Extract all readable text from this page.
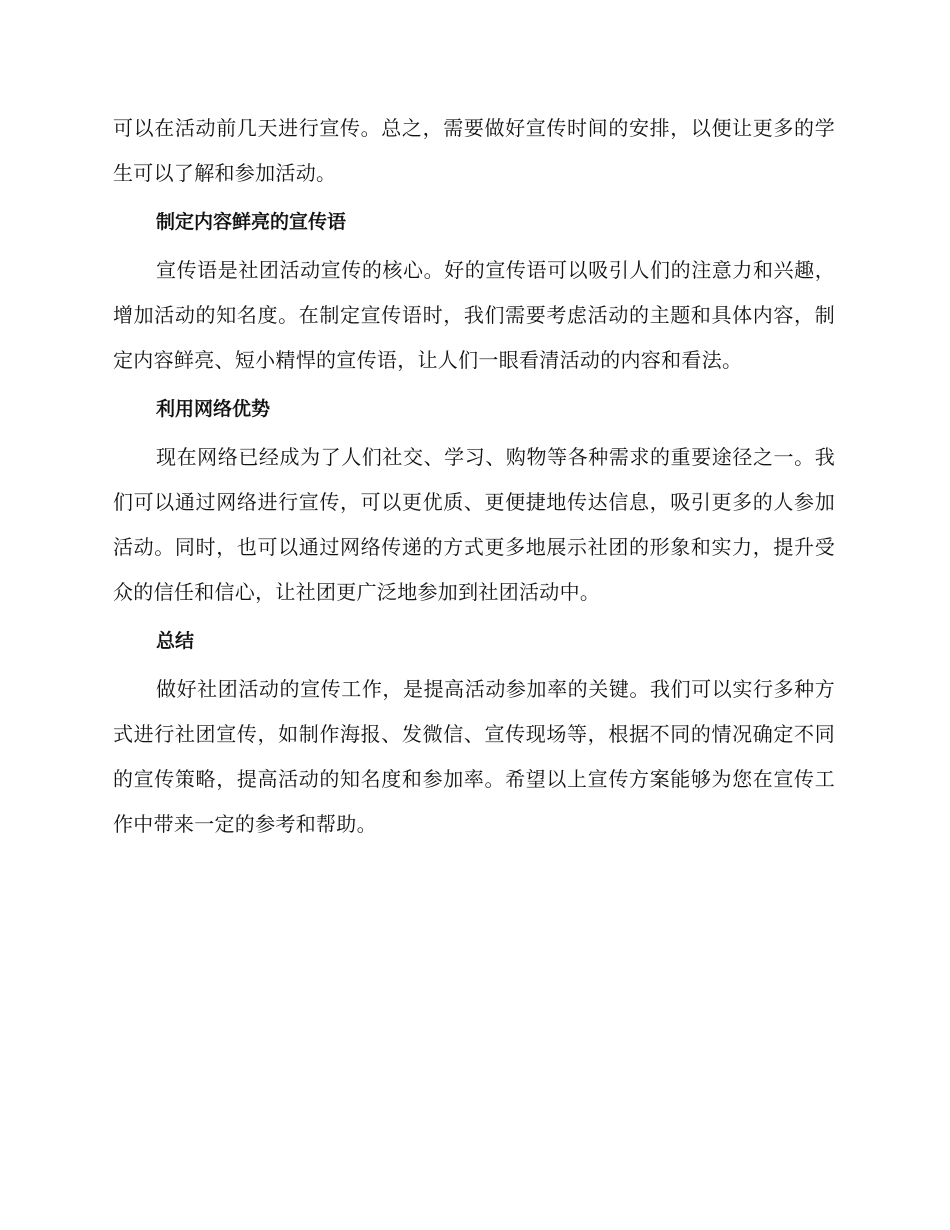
可以在活动前几天进行宣传。总之，需要做好宣传时间的安排，以便让更多的学生可以了解和参加活动。

制定内容鲜亮的宣传语

宣传语是社团活动宣传的核心。好的宣传语可以吸引人们的注意力和兴趣，增加活动的知名度。在制定宣传语时，我们需要考虑活动的主题和具体内容，制定内容鲜亮、短小精悍的宣传语，让人们一眼看清活动的内容和看法。

利用网络优势

现在网络已经成为了人们社交、学习、购物等各种需求的重要途径之一。我们可以通过网络进行宣传，可以更优质、更便捷地传达信息，吸引更多的人参加活动。同时，也可以通过网络传递的方式更多地展示社团的形象和实力，提升受众的信任和信心，让社团更广泛地参加到社团活动中。

总结

做好社团活动的宣传工作，是提高活动参加率的关键。我们可以实行多种方式进行社团宣传，如制作海报、发微信、宣传现场等，根据不同的情况确定不同的宣传策略，提高活动的知名度和参加率。希望以上宣传方案能够为您在宣传工作中带来一定的参考和帮助。
